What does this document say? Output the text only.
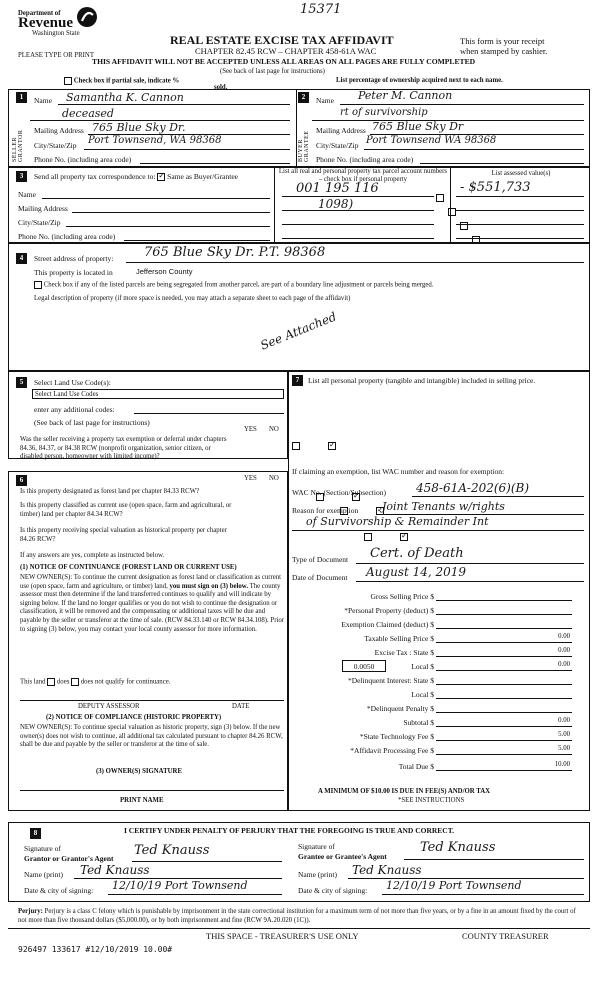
15371
Department of
Revenue
Washington State
PLEASE TYPE OR PRINT
REAL ESTATE EXCISE TAX AFFIDAVIT
CHAPTER 82.45 RCW – CHAPTER 458-61A WAC
THIS AFFIDAVIT WILL NOT BE ACCEPTED UNLESS ALL AREAS ON ALL PAGES ARE FULLY COMPLETED
(See back of last page for instructions)
This form is your receipt
when stamped by cashier.
Check box if partial sale, indicate %
sold.
List percentage of ownership acquired next to each name.
1	2
SELLER GRANTOR	BUYER GRANTEE
Name Samantha K. Cannon
deceased
Mailing Address 765 Blue Sky Dr.
City/State/Zip Port Townsend, WA 98368
Phone No. (including area code)
Name Peter M. Cannon
rt of survivorship
Mailing Address 765 Blue Sky Dr
City/State/Zip Port Townsend WA 98368
Phone No. (including area code)
3	Send all property tax correspondence to: ✓ Same as Buyer/Grantee
Name
Mailing Address
City/State/Zip
Phone No. (including area code)
List all real and personal property tax parcel account numbers – check box if personal property
List assessed value(s)

001 195 116
1098)
- $551,733
4	Street address of property: 765 Blue Sky Dr. P.T. 98368
This property is located in	Jefferson County
Check box if any of the listed parcels are being segregated from another parcel, are part of a boundary line adjustment or parcels being merged.
Legal description of property (if more space is needed, you may attach a separate sheet to each page of the affidavit)
See Attached
5	Select Land Use Code(s):
Select Land Use Codes
enter any additional codes:
(See back of last page for instructions)
YES NO
Was the seller receiving a property tax exemption or deferral under chapters 84.36, 84.37, or 84.38 RCW (nonprofit organization, senior citizen, or disabled person, homeowner with limited income)?
✓
6	YES NO
Is this property designated as forest land per chapter 84.33 RCW?
✓
Is this property classified as current use (open space, farm and agricultural, or timber) land per chapter 84.34 RCW?
✓
Is this property receiving special valuation as historical property per chapter 84.26 RCW?
✓
If any answers are yes, complete as instructed below.
(1) NOTICE OF CONTINUANCE (FOREST LAND OR CURRENT USE)
NEW OWNER(S): To continue the current designation as forest land or classification as current use (open space, farm and agriculture, or timber) land, you must sign on (3) below. The county assessor must then determine if the land transferred continues to qualify and will indicate by signing below. If the land no longer qualifies or you do not wish to continue the designation or classification, it will be removed and the compensating or additional taxes will be due and payable by the seller or transferor at the time of sale. (RCW 84.33.140 or RCW 84.34.108). Prior to signing (3) below, you may contact your local county assessor for more information.
This land does does not qualify for continuance.
DEPUTY ASSESSOR	DATE
(2) NOTICE OF COMPLIANCE (HISTORIC PROPERTY)
NEW OWNER(S): To continue special valuation as historic property, sign (3) below. If the new owner(s) does not wish to continue, all additional tax calculated pursuant to chapter 84.26 RCW, shall be due and payable by the seller or transferor at the time of sale.
(3) OWNER(S) SIGNATURE
PRINT NAME
7	List all personal property (tangible and intangible) included in selling price.
If claiming an exemption, list WAC number and reason for exemption:
WAC No. (Section/Subsection)	458-61A-202(6)(B)
Reason for exemption Joint Tenants w/rights
of Survivorship & Remainder Int
Type of Document Cert. of Death
Date of Document August 14, 2019
Gross Selling Price $
*Personal Property (deduct) $
Exemption Claimed (deduct) $
Taxable Selling Price $	0.00
Excise Tax : State $	0.00
0.0050	Local $	0.00
*Delinquent Interest: State $
Local $
*Delinquent Penalty $
Subtotal $	0.00
*State Technology Fee $	5.00
*Affidavit Processing Fee $	5.00
Total Due $	10.00
A MINIMUM OF $10.00 IS DUE IN FEE(S) AND/OR TAX
*SEE INSTRUCTIONS
8	I CERTIFY UNDER PENALTY OF PERJURY THAT THE FOREGOING IS TRUE AND CORRECT.
Signature of
Grantor or Grantor's Agent
Ted Knauss
Name (print) Ted Knauss
Date & city of signing: 12/10/19 Port Townsend
Signature of
Grantee or Grantee's Agent
Ted Knauss
Name (print) Ted Knauss
Date & city of signing: 12/10/19 Port Townsend
Perjury: Perjury is a class C felony which is punishable by imprisonment in the state correctional institution for a maximum term of not more than five years, or by a fine in an amount fixed by the court of not more than five thousand dollars ($5,000.00), or by both imprisonment and fine (RCW 9A.20.020 (1C)).
THIS SPACE - TREASURER'S USE ONLY	COUNTY TREASURER
926497 133617 #12/10/2019 10.00#
